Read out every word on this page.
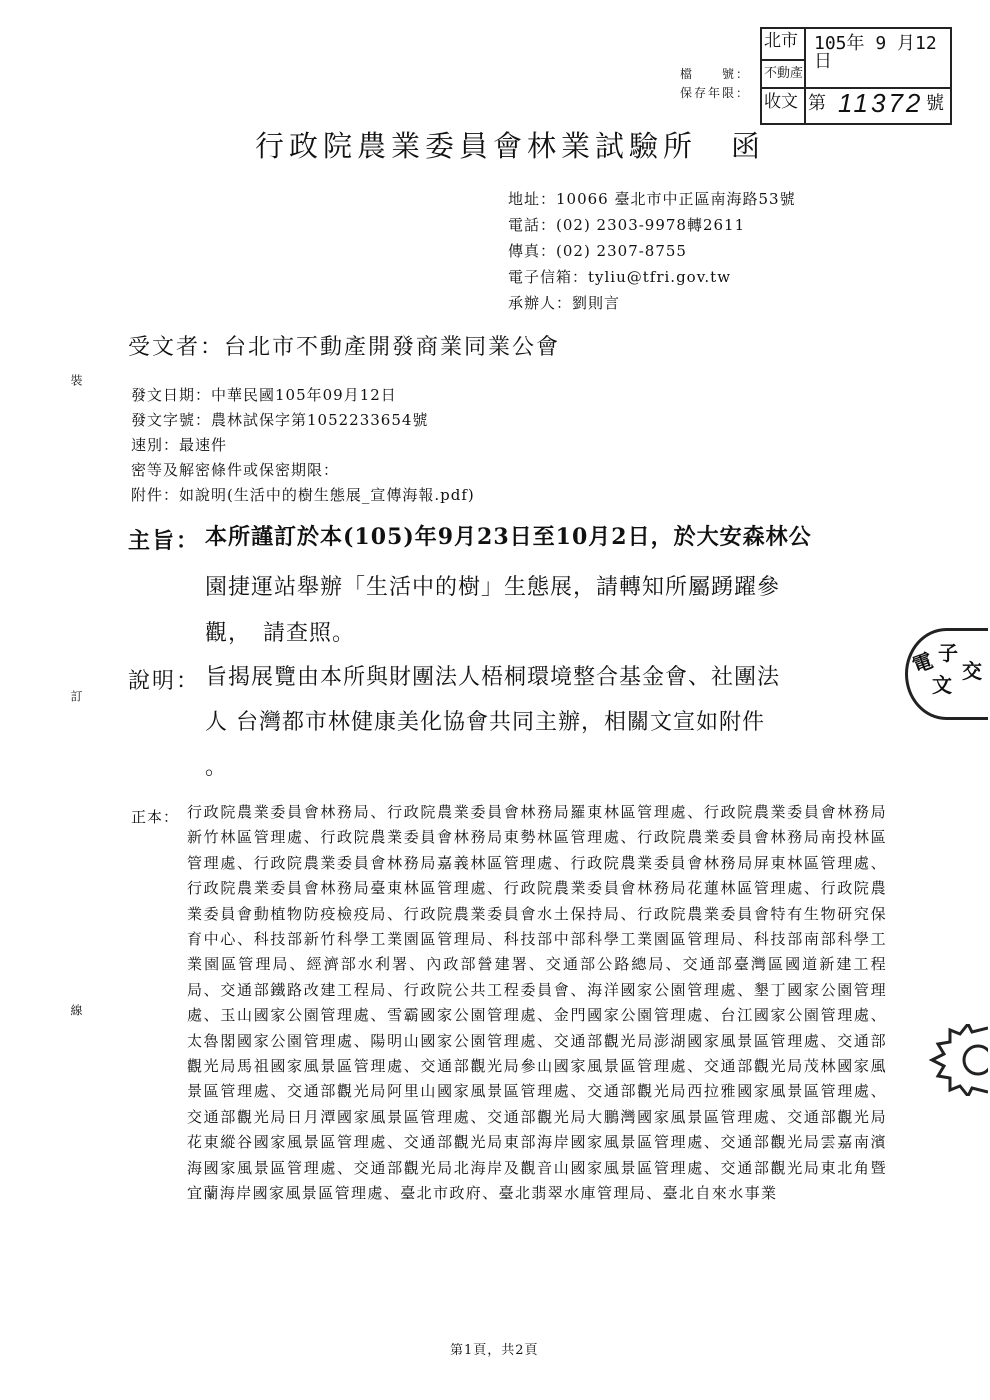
北市
不動產
收文
105年 9 月12 日
第 11372 號
檔　　號：
保存年限：
行政院農業委員會林業試驗所　函
地址：10066 臺北市中正區南海路53號
電話：(02) 2303-9978轉2611
傳真：(02) 2307-8755
電子信箱：tyliu@tfri.gov.tw
承辦人：劉則言
受文者：台北市不動產開發商業同業公會
發文日期：中華民國105年09月12日
發文字號：農林試保字第1052233654號
速別：最速件
密等及解密條件或保密期限：
附件：如說明(生活中的樹生態展_宣傳海報.pdf)
主旨： 本所謹訂於本(105)年9月23日至10月2日，於大安森林公
園捷運站舉辦「生活中的樹」生態展，請轉知所屬踴躍參
觀，　請查照。
說明： 旨揭展覽由本所與財團法人梧桐環境整合基金會、社團法
人 台灣都市林健康美化協會共同主辦，相關文宣如附件
。
正本： 行政院農業委員會林務局、行政院農業委員會林務局羅東林區管理處、行政院農業委員會林務局新竹林區管理處、行政院農業委員會林務局東勢林區管理處、行政院農業委員會林務局南投林區管理處、行政院農業委員會林務局嘉義林區管理處、行政院農業委員會林務局屏東林區管理處、行政院農業委員會林務局臺東林區管理處、行政院農業委員會林務局花蓮林區管理處、行政院農業委員會動植物防疫檢疫局、行政院農業委員會水土保持局、行政院農業委員會特有生物研究保育中心、科技部新竹科學工業園區管理局、科技部中部科學工業園區管理局、科技部南部科學工業園區管理局、經濟部水利署、內政部營建署、交通部公路總局、交通部臺灣區國道新建工程局、交通部鐵路改建工程局、行政院公共工程委員會、海洋國家公園管理處、墾丁國家公園管理處、玉山國家公園管理處、雪霸國家公園管理處、金門國家公園管理處、台江國家公園管理處、太魯閣國家公園管理處、陽明山國家公園管理處、交通部觀光局澎湖國家風景區管理處、交通部觀光局馬祖國家風景區管理處、交通部觀光局參山國家風景區管理處、交通部觀光局茂林國家風景區管理處、交通部觀光局阿里山國家風景區管理處、交通部觀光局西拉雅國家風景區管理處、交通部觀光局日月潭國家風景區管理處、交通部觀光局大鵬灣國家風景區管理處、交通部觀光局花東縱谷國家風景區管理處、交通部觀光局東部海岸國家風景區管理處、交通部觀光局雲嘉南濱海國家風景區管理處、交通部觀光局北海岸及觀音山國家風景區管理處、交通部觀光局東北角暨宜蘭海岸國家風景區管理處、臺北市政府、臺北翡翠水庫管理局、臺北自來水事業
裝
訂
線
電 子
文
交
第1頁，共2頁
